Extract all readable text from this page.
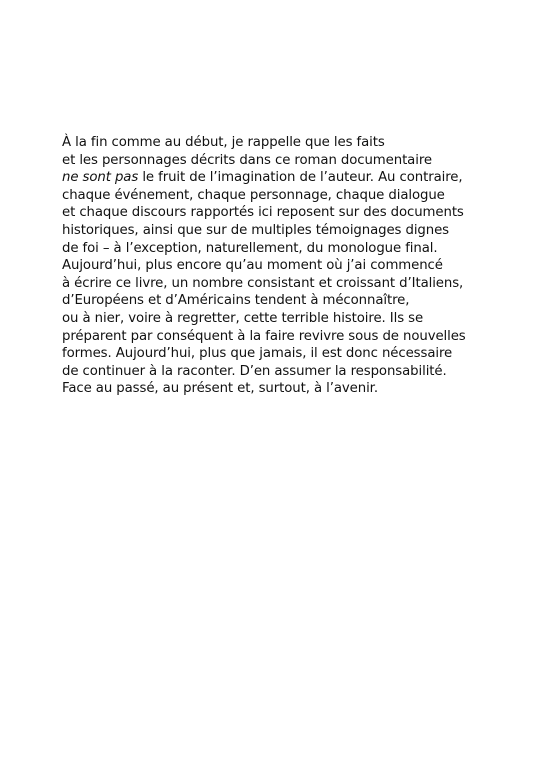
À la fin comme au début, je rappelle que les faits
et les personnages décrits dans ce roman documentaire
ne sont pas le fruit de l’imagination de l’auteur. Au contraire,
chaque événement, chaque personnage, chaque dialogue
et chaque discours rapportés ici reposent sur des documents
historiques, ainsi que sur de multiples témoignages dignes
de foi – à l’exception, naturellement, du monologue final.
Aujourd’hui, plus encore qu’au moment où j’ai commencé
à écrire ce livre, un nombre consistant et croissant d’Italiens,
d’Européens et d’Américains tendent à méconnaître,
ou à nier, voire à regretter, cette terrible histoire. Ils se
préparent par conséquent à la faire revivre sous de nouvelles
formes. Aujourd’hui, plus que jamais, il est donc nécessaire
de continuer à la raconter. D’en assumer la responsabilité.
Face au passé, au présent et, surtout, à l’avenir.
